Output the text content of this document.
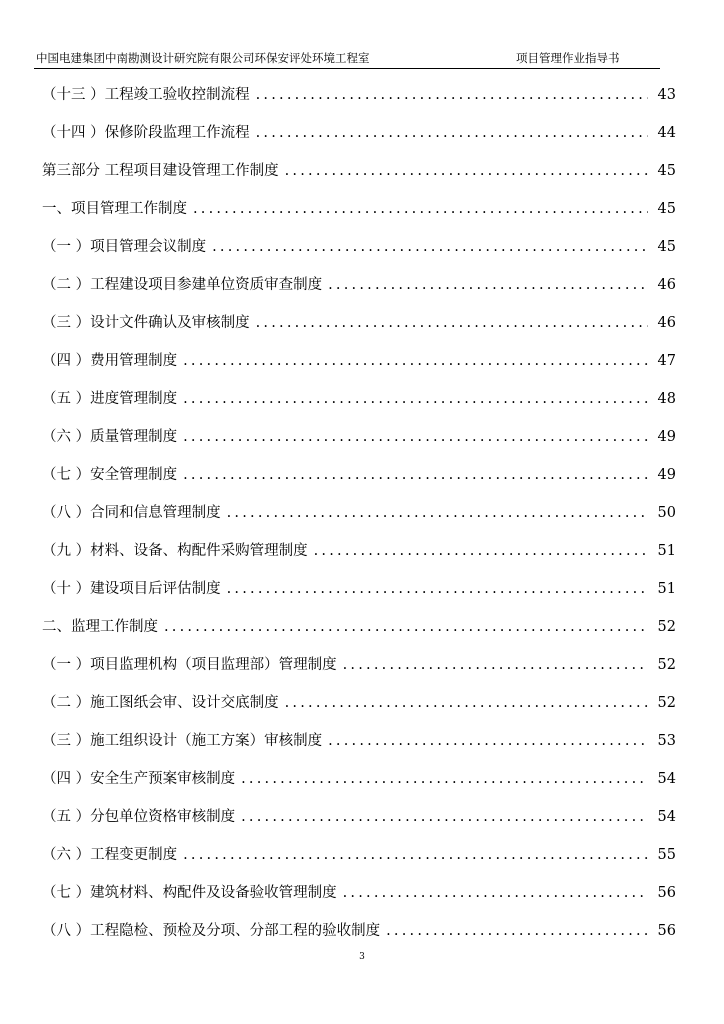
中国电建集团中南勘测设计研究院有限公司环保安评处环境工程室	项目管理作业指导书
（十三 ）工程竣工验收控制流程 .....	43
（十四 ）保修阶段监理工作流程 .....	44
第三部分 工程项目建设管理工作制度 .....	45
一、项目管理工作制度 .....	45
（一 ）项目管理会议制度 .....	45
（二 ）工程建设项目参建单位资质审查制度 .....	46
（三 ）设计文件确认及审核制度 .....	46
（四 ）费用管理制度 .....	47
（五 ）进度管理制度 .....	48
（六 ）质量管理制度 .....	49
（七 ）安全管理制度 .....	49
（八 ）合同和信息管理制度 .....	50
（九 ）材料、设备、构配件采购管理制度 .....	51
（十 ）建设项目后评估制度 .....	51
二、监理工作制度 .....	52
（一 ）项目监理机构（项目监理部）管理制度 .....	52
（二 ）施工图纸会审、设计交底制度 .....	52
（三 ）施工组织设计（施工方案）审核制度 .....	53
（四 ）安全生产预案审核制度 .....	54
（五 ）分包单位资格审核制度 .....	54
（六 ）工程变更制度 .....	55
（七 ）建筑材料、构配件及设备验收管理制度 .....	56
（八 ）工程隐检、预检及分项、分部工程的验收制度 .....	56
3
